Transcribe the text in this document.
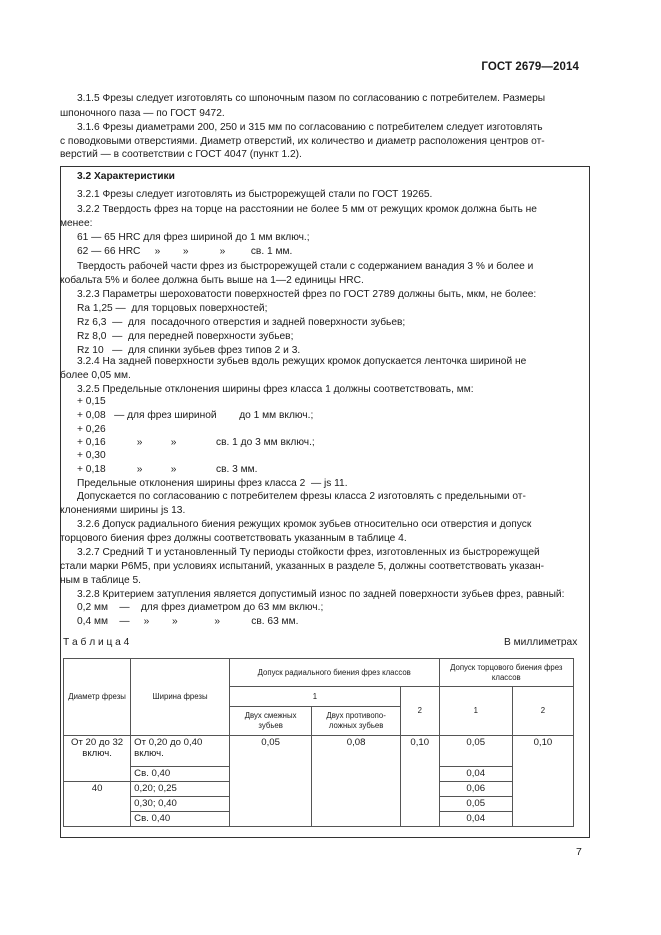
ГОСТ 2679—2014
3.1.5 Фрезы следует изготовлять со шпоночным пазом по согласованию с потребителем. Размеры
шпоночного паза — по ГОСТ 9472.
3.1.6 Фрезы диаметрами 200, 250 и 315 мм по согласованию с потребителем следует изготовлять
с поводковыми отверстиями. Диаметр отверстий, их количество и диаметр расположения центров от-
верстий — в соответствии с ГОСТ 4047 (пункт 1.2).
3.2 Характеристики
3.2.1 Фрезы следует изготовлять из быстрорежущей стали по ГОСТ 19265.
3.2.2 Твердость фрез на торце на расстоянии не более 5 мм от режущих кромок должна быть не
менее:
61 — 65 HRC для фрез шириной до 1 мм включ.;
62 — 66 HRC     »        »           »         св. 1 мм.
Твердость рабочей части фрез из быстрорежущей стали с содержанием ванадия 3 % и более и
кобальта 5% и более должна быть выше на 1—2 единицы HRC.
3.2.3 Параметры шероховатости поверхностей фрез по ГОСТ 2789 должны быть, мкм, не более:
Ra 1,25 —  для торцовых поверхностей;
Rz 6,3  —  для  посадочного отверстия и задней поверхности зубьев;
Rz 8,0  —  для передней поверхности зубьев;
Rz 10   —  для спинки зубьев фрез типов 2 и 3.
3.2.4 На задней поверхности зубьев вдоль режущих кромок допускается ленточка шириной не
более 0,05 мм.
3.2.5 Предельные отклонения ширины фрез класса 1 должны соответствовать, мм:
+ 0,15
+ 0,08   — для фрез шириной        до 1 мм включ.;
+ 0,26
+ 0,16           »          »              св. 1 до 3 мм включ.;
+ 0,30
+ 0,18           »          »              св. 3 мм.
Предельные отклонения ширины фрез класса 2  — js 11.
Допускается по согласованию с потребителем фрезы класса 2 изготовлять с предельными от-
клонениями ширины js 13.
3.2.6 Допуск радиального биения режущих кромок зубьев относительно оси отверстия и допуск
торцового биения фрез должны соответствовать указанным в таблице 4.
3.2.7 Средний T и установленный Ty периоды стойкости фрез, изготовленных из быстрорежущей
стали марки Р6М5, при условиях испытаний, указанных в разделе 5, должны соответствовать указан-
ным в таблице 5.
3.2.8 Критерием затупления является допустимый износ по задней поверхности зубьев фрез, равный:
0,2 мм    —    для фрез диаметром до 63 мм включ.;
0,4 мм    —     »        »             »           св. 63 мм.
Т а б л и ц а 4	В миллиметрах
Диаметр фрезы	Ширина фрезы	Допуск радиального биения фрез классов			Допуск торцового биения фрез классов	
		1		2	1	2
		Двух смежных зубьев	Двух противопо-ложных зубьев			
От 20 до 32 включ.	От 0,20 до 0,40 включ.	0,05	0,08	0,10	0,05	0,10
	Св. 0,40				0,04	
40	0,20; 0,25				0,06	
	0,30; 0,40				0,05	
	Св. 0,40				0,04	
7
